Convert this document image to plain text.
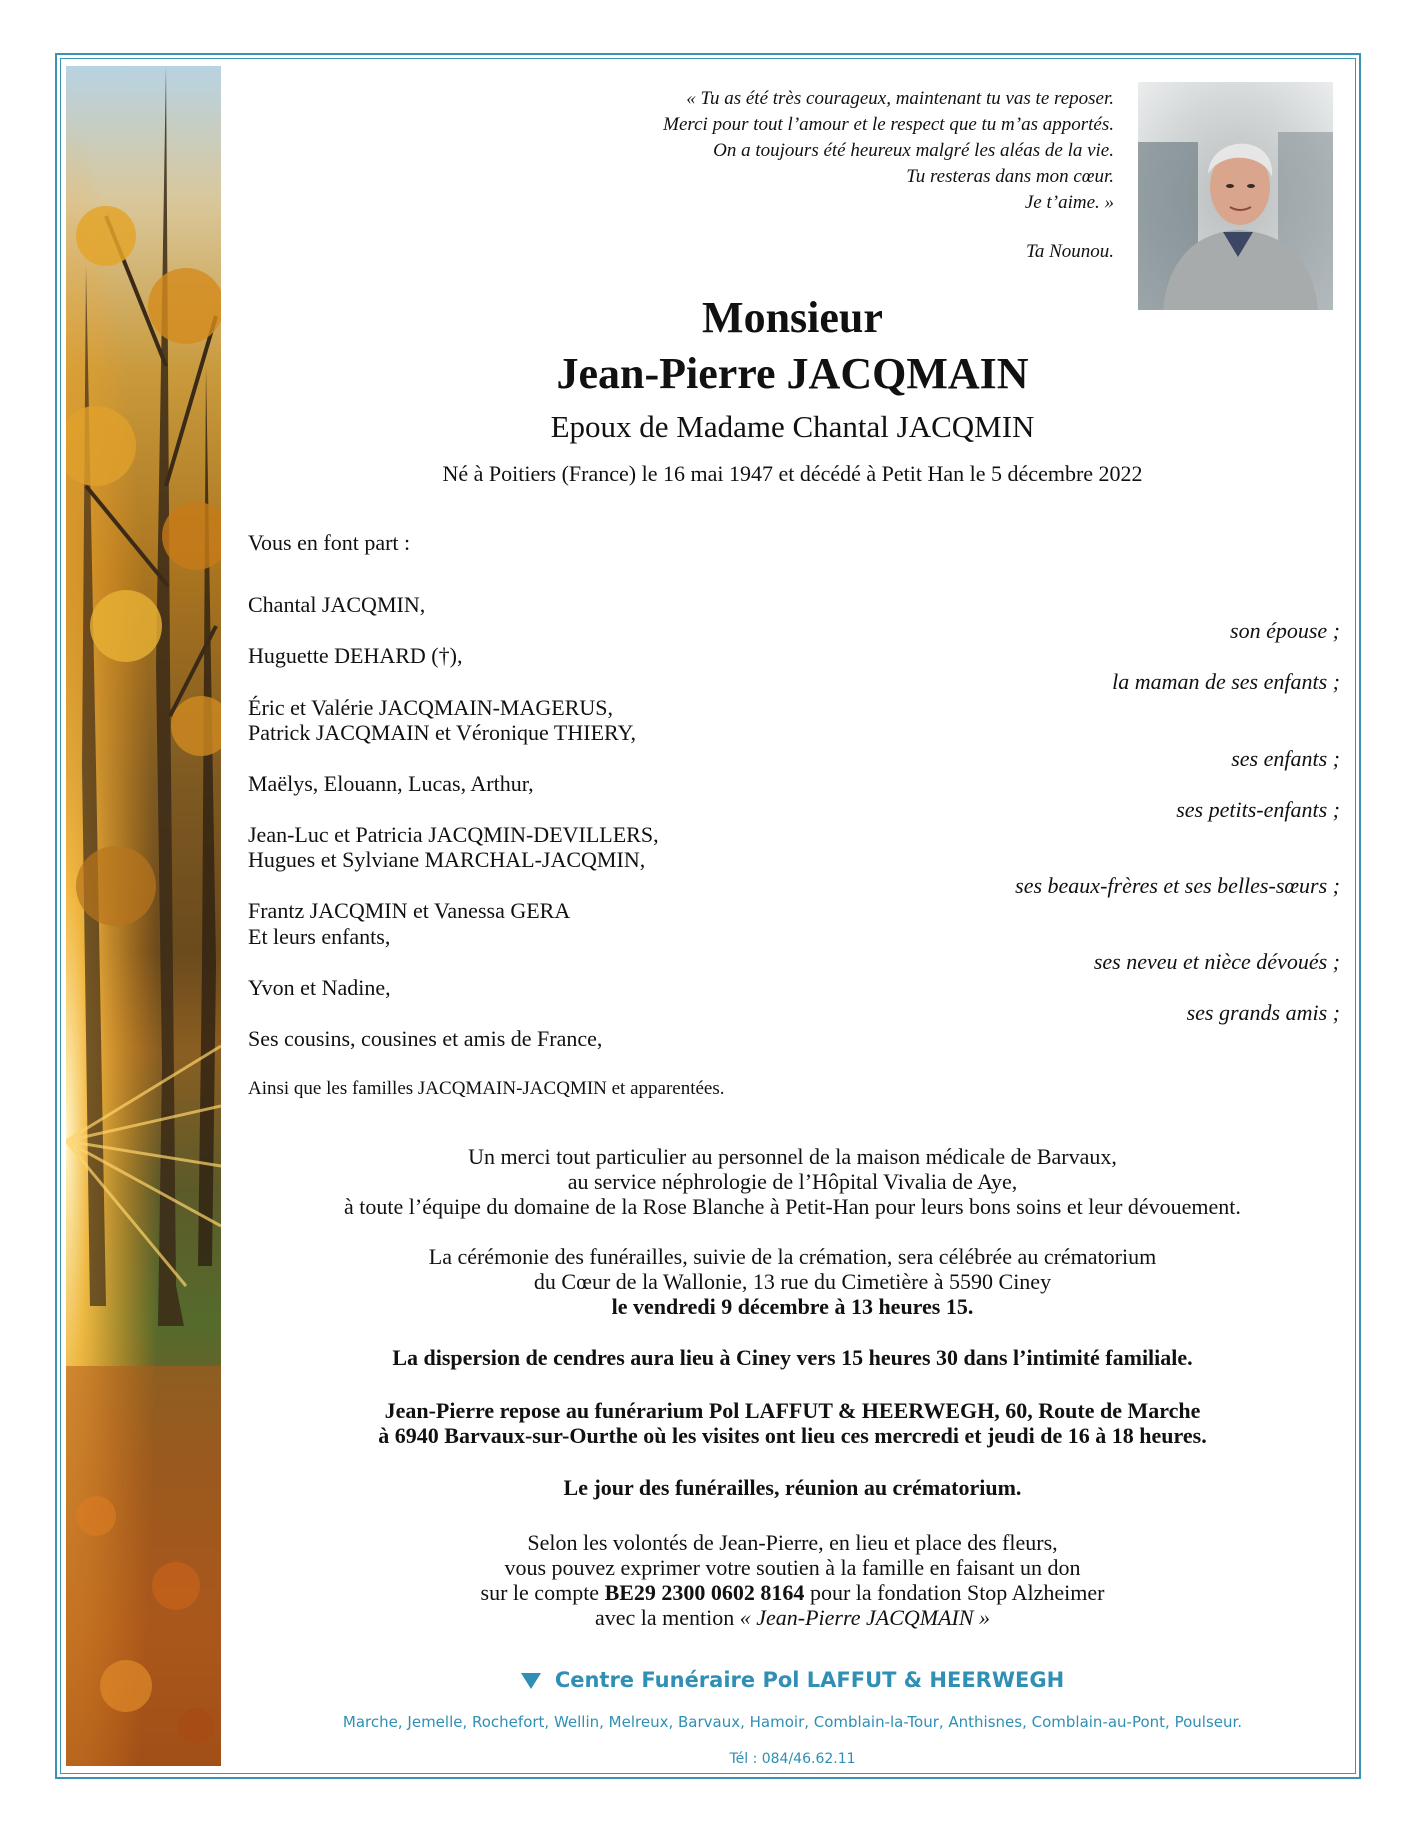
« Tu as été très courageux, maintenant tu vas te reposer.
Merci pour tout l’amour et le respect que tu m’as apportés.
On a toujours été heureux malgré les aléas de la vie.
Tu resteras dans mon cœur.
Je t’aime. »
Ta Nounou.
Monsieur
Jean-Pierre JACQMAIN
Epoux de Madame Chantal JACQMIN
Né à Poitiers (France) le 16 mai 1947 et décédé à Petit Han le 5 décembre 2022
Vous en font part :
Chantal JACQMIN,
son épouse ;
Huguette DEHARD (†),
la maman de ses enfants ;
Éric et Valérie JACQMAIN-MAGERUS,
Patrick JACQMAIN et Véronique THIERY,
ses enfants ;
Maëlys, Elouann, Lucas, Arthur,
ses petits-enfants ;
Jean-Luc et Patricia JACQMIN-DEVILLERS,
Hugues et Sylviane MARCHAL-JACQMIN,
ses beaux-frères et ses belles-sœurs ;
Frantz JACQMIN et Vanessa GERA
Et leurs enfants,
ses neveu et nièce dévoués ;
Yvon et Nadine,
ses grands amis ;
Ses cousins, cousines et amis de France,
Ainsi que les familles JACQMAIN-JACQMIN et apparentées.
Un merci tout particulier au personnel de la maison médicale de Barvaux,
au service néphrologie de l’Hôpital Vivalia de Aye,
à toute l’équipe du domaine de la Rose Blanche à Petit-Han pour leurs bons soins et leur dévouement.
La cérémonie des funérailles, suivie de la crémation, sera célébrée au crématorium
du Cœur de la Wallonie, 13 rue du Cimetière à 5590 Ciney
le vendredi 9 décembre à 13 heures 15.
La dispersion de cendres aura lieu à Ciney vers 15 heures 30 dans l’intimité familiale.
Jean-Pierre repose au funérarium Pol LAFFUT & HEERWEGH, 60, Route de Marche
à 6940 Barvaux-sur-Ourthe où les visites ont lieu ces mercredi et jeudi de 16 à 18 heures.
Le jour des funérailles, réunion au crématorium.
Selon les volontés de Jean-Pierre, en lieu et place des fleurs,
vous pouvez exprimer votre soutien à la famille en faisant un don
sur le compte BE29 2300 0602 8164 pour la fondation Stop Alzheimer
avec la mention « Jean-Pierre JACQMAIN »
Centre Funéraire Pol LAFFUT & HEERWEGH
Marche, Jemelle, Rochefort, Wellin, Melreux, Barvaux, Hamoir, Comblain-la-Tour, Anthisnes, Comblain-au-Pont, Poulseur.
Tél : 084/46.62.11
